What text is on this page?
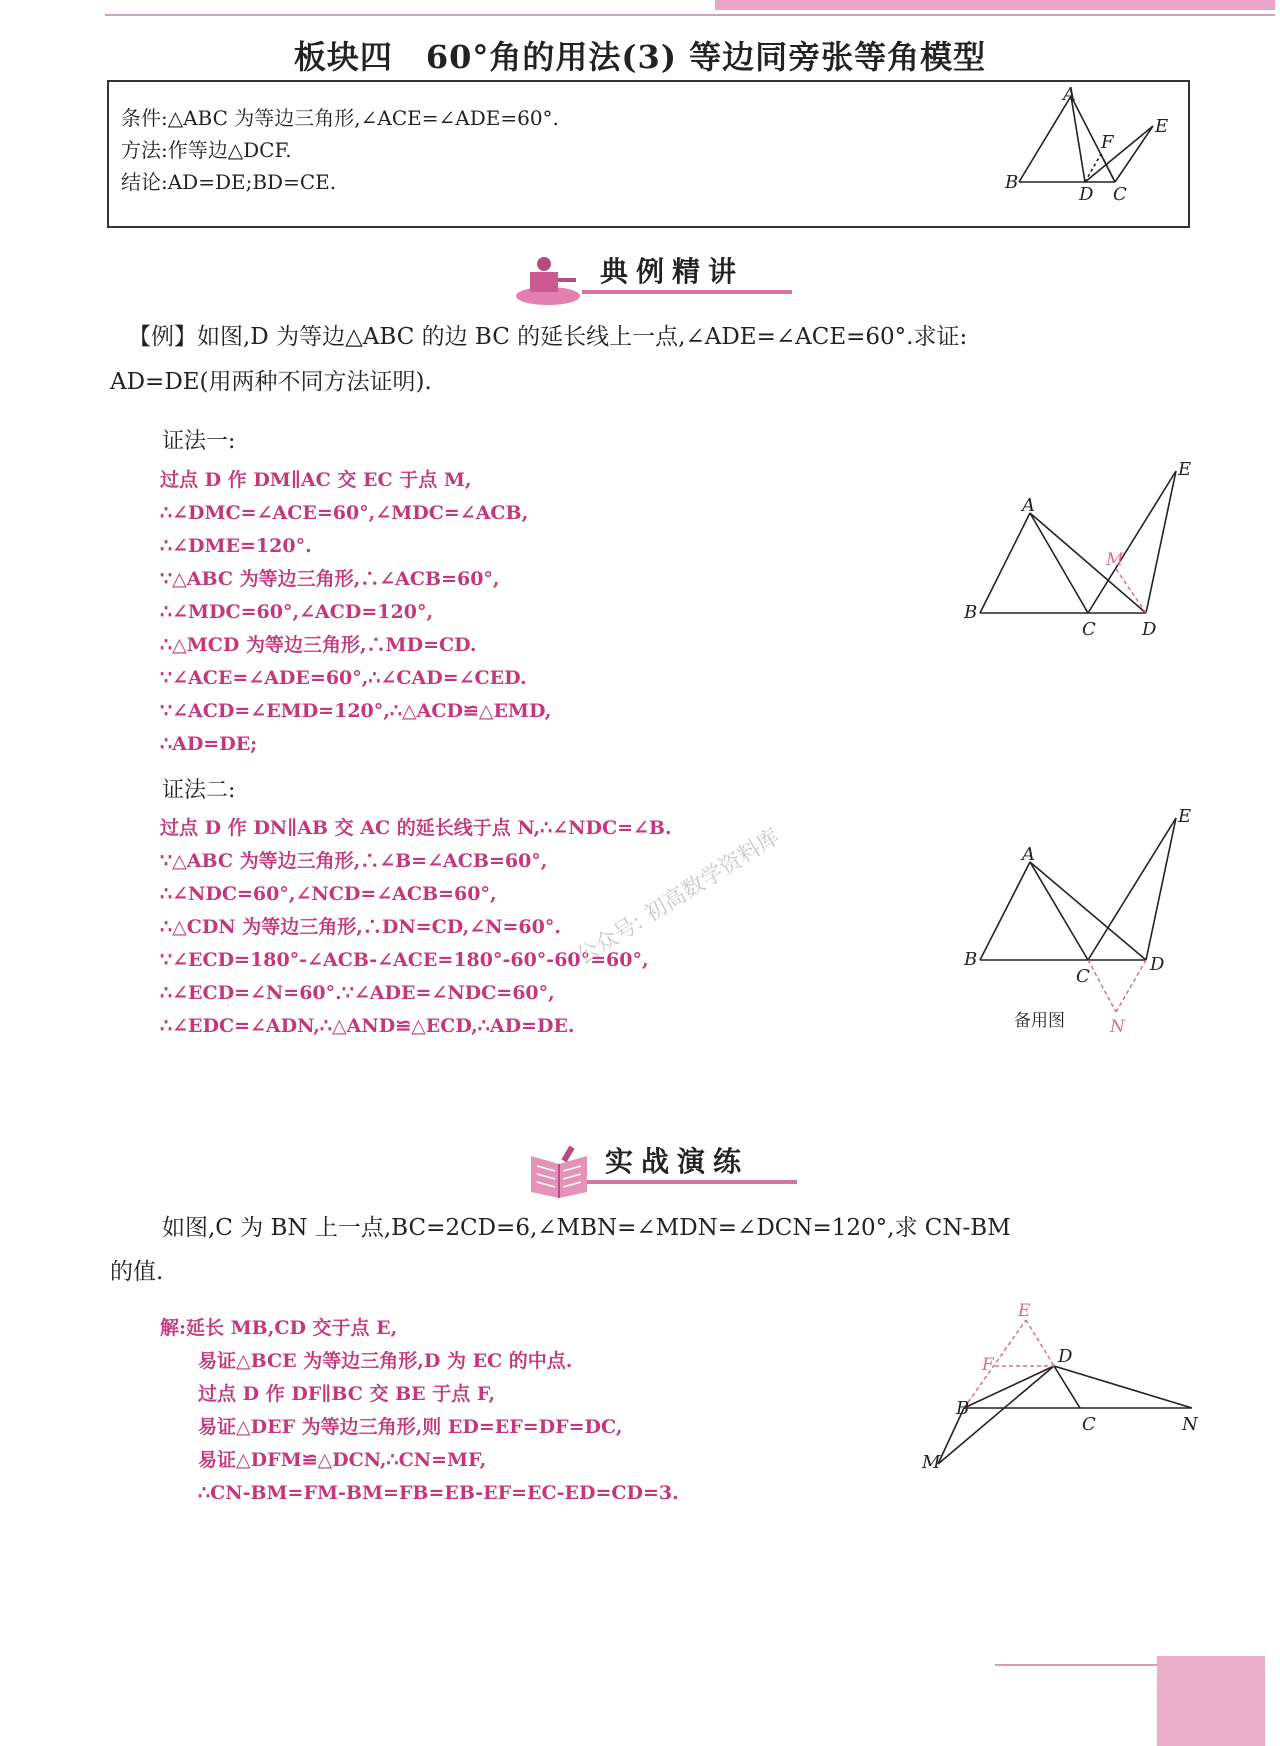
板块四　60°角的用法(3) 等边同旁张等角模型
条件:△ABC 为等边三角形,∠ACE=∠ADE=60°.
方法:作等边△DCF.
结论:AD=DE;BD=CE.
A
B
D C
F
E
典例精讲
【例】如图,D 为等边△ABC 的边 BC 的延长线上一点,∠ADE=∠ACE=60°.求证:
AD=DE(用两种不同方法证明).
证法一:
过点 D 作 DM∥AC 交 EC 于点 M,
∴∠DMC=∠ACE=60°,∠MDC=∠ACB,
∴∠DME=120°.
∵△ABC 为等边三角形,∴∠ACB=60°,
∴∠MDC=60°,∠ACD=120°,
∴△MCD 为等边三角形,∴MD=CD.
∵∠ACE=∠ADE=60°,∴∠CAD=∠CED.
∵∠ACD=∠EMD=120°,∴△ACD≌△EMD,
∴AD=DE;
E
A
M
B
C	D
证法二:
过点 D 作 DN∥AB 交 AC 的延长线于点 N,∴∠NDC=∠B.
∵△ABC 为等边三角形,∴∠B=∠ACB=60°,
∴∠NDC=60°,∠NCD=∠ACB=60°,
∴△CDN 为等边三角形,∴DN=CD,∠N=60°.
∵∠ECD=180°-∠ACB-∠ACE=180°-60°-60°=60°,
∴∠ECD=∠N=60°.∵∠ADE=∠NDC=60°,
∴∠EDC=∠ADN,∴△AND≌△ECD,∴AD=DE.
公众号: 初高数学资料库
E
A
B
C
D
N
备用图
实战演练
如图,C 为 BN 上一点,BC=2CD=6,∠MBN=∠MDN=∠DCN=120°,求 CN-BM
的值.
解:延长 MB,CD 交于点 E,
易证△BCE 为等边三角形,D 为 EC 的中点.
过点 D 作 DF∥BC 交 BE 于点 F,
易证△DEF 为等边三角形,则 ED=EF=DF=DC,
易证△DFM≌△DCN,∴CN=MF,
∴CN-BM=FM-BM=FB=EB-EF=EC-ED=CD=3.
E
F	D
B
C	N
M
